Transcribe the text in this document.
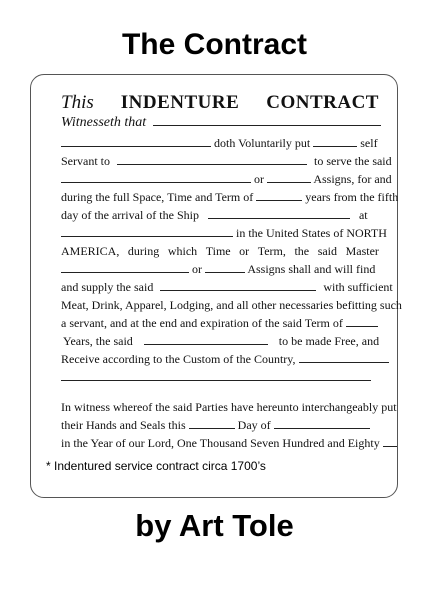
The Contract
This INDENTURE CONTRACT
Witnesseth that
doth Voluntarily put	self
Servant to	to serve the said
or	Assigns, for and
during the full Space, Time and Term of	years from the fifth
day of the arrival of the Ship	at
in the United States of NORTH
AMERICA, during which Time or Term, the said Master
or	Assigns shall and will find
and supply the said	with sufficient
Meat, Drink, Apparel, Lodging, and all other necessaries befitting such
a servant, and at the end and expiration of the said Term of
Years, the said	to be made Free, and
Receive according to the Custom of the Country,
In witness whereof the said Parties have hereunto interchangeably put
their Hands and Seals this	Day of
in the Year of our Lord, One Thousand Seven Hundred and Eighty
* Indentured service contract circa 1700’s
by Art Tole
